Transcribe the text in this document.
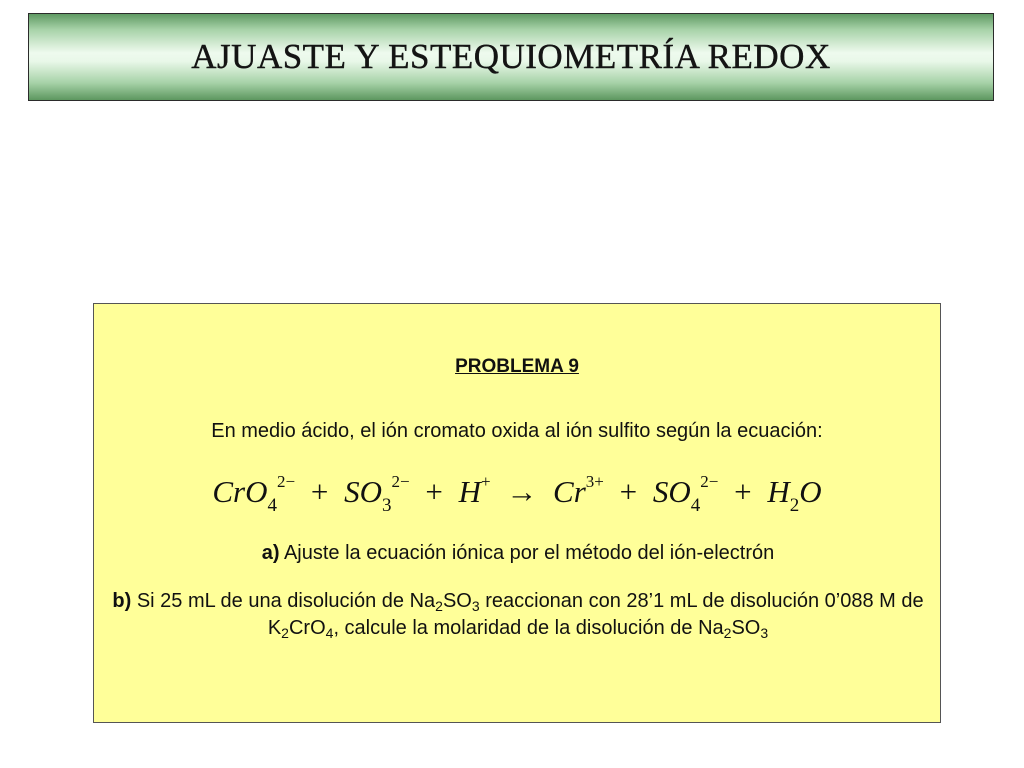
AJUASTE Y ESTEQUIOMETRÍA REDOX
PROBLEMA 9
En medio ácido, el ión cromato oxida al ión sulfito según la ecuación:
$CrO_4^{2-} + SO_3^{2-} + H^+ \to Cr^{3+} + SO_4^{2-} + H_2O$
a) Ajuste la ecuación iónica por el método del ión-electrón
b) Si 25 mL de una disolución de $Na_2SO_3$ reaccionan con 28’1 mL de disolución 0’088 M de $K_2CrO_4$, calcule la molaridad de la disolución de $Na_2SO_3$
